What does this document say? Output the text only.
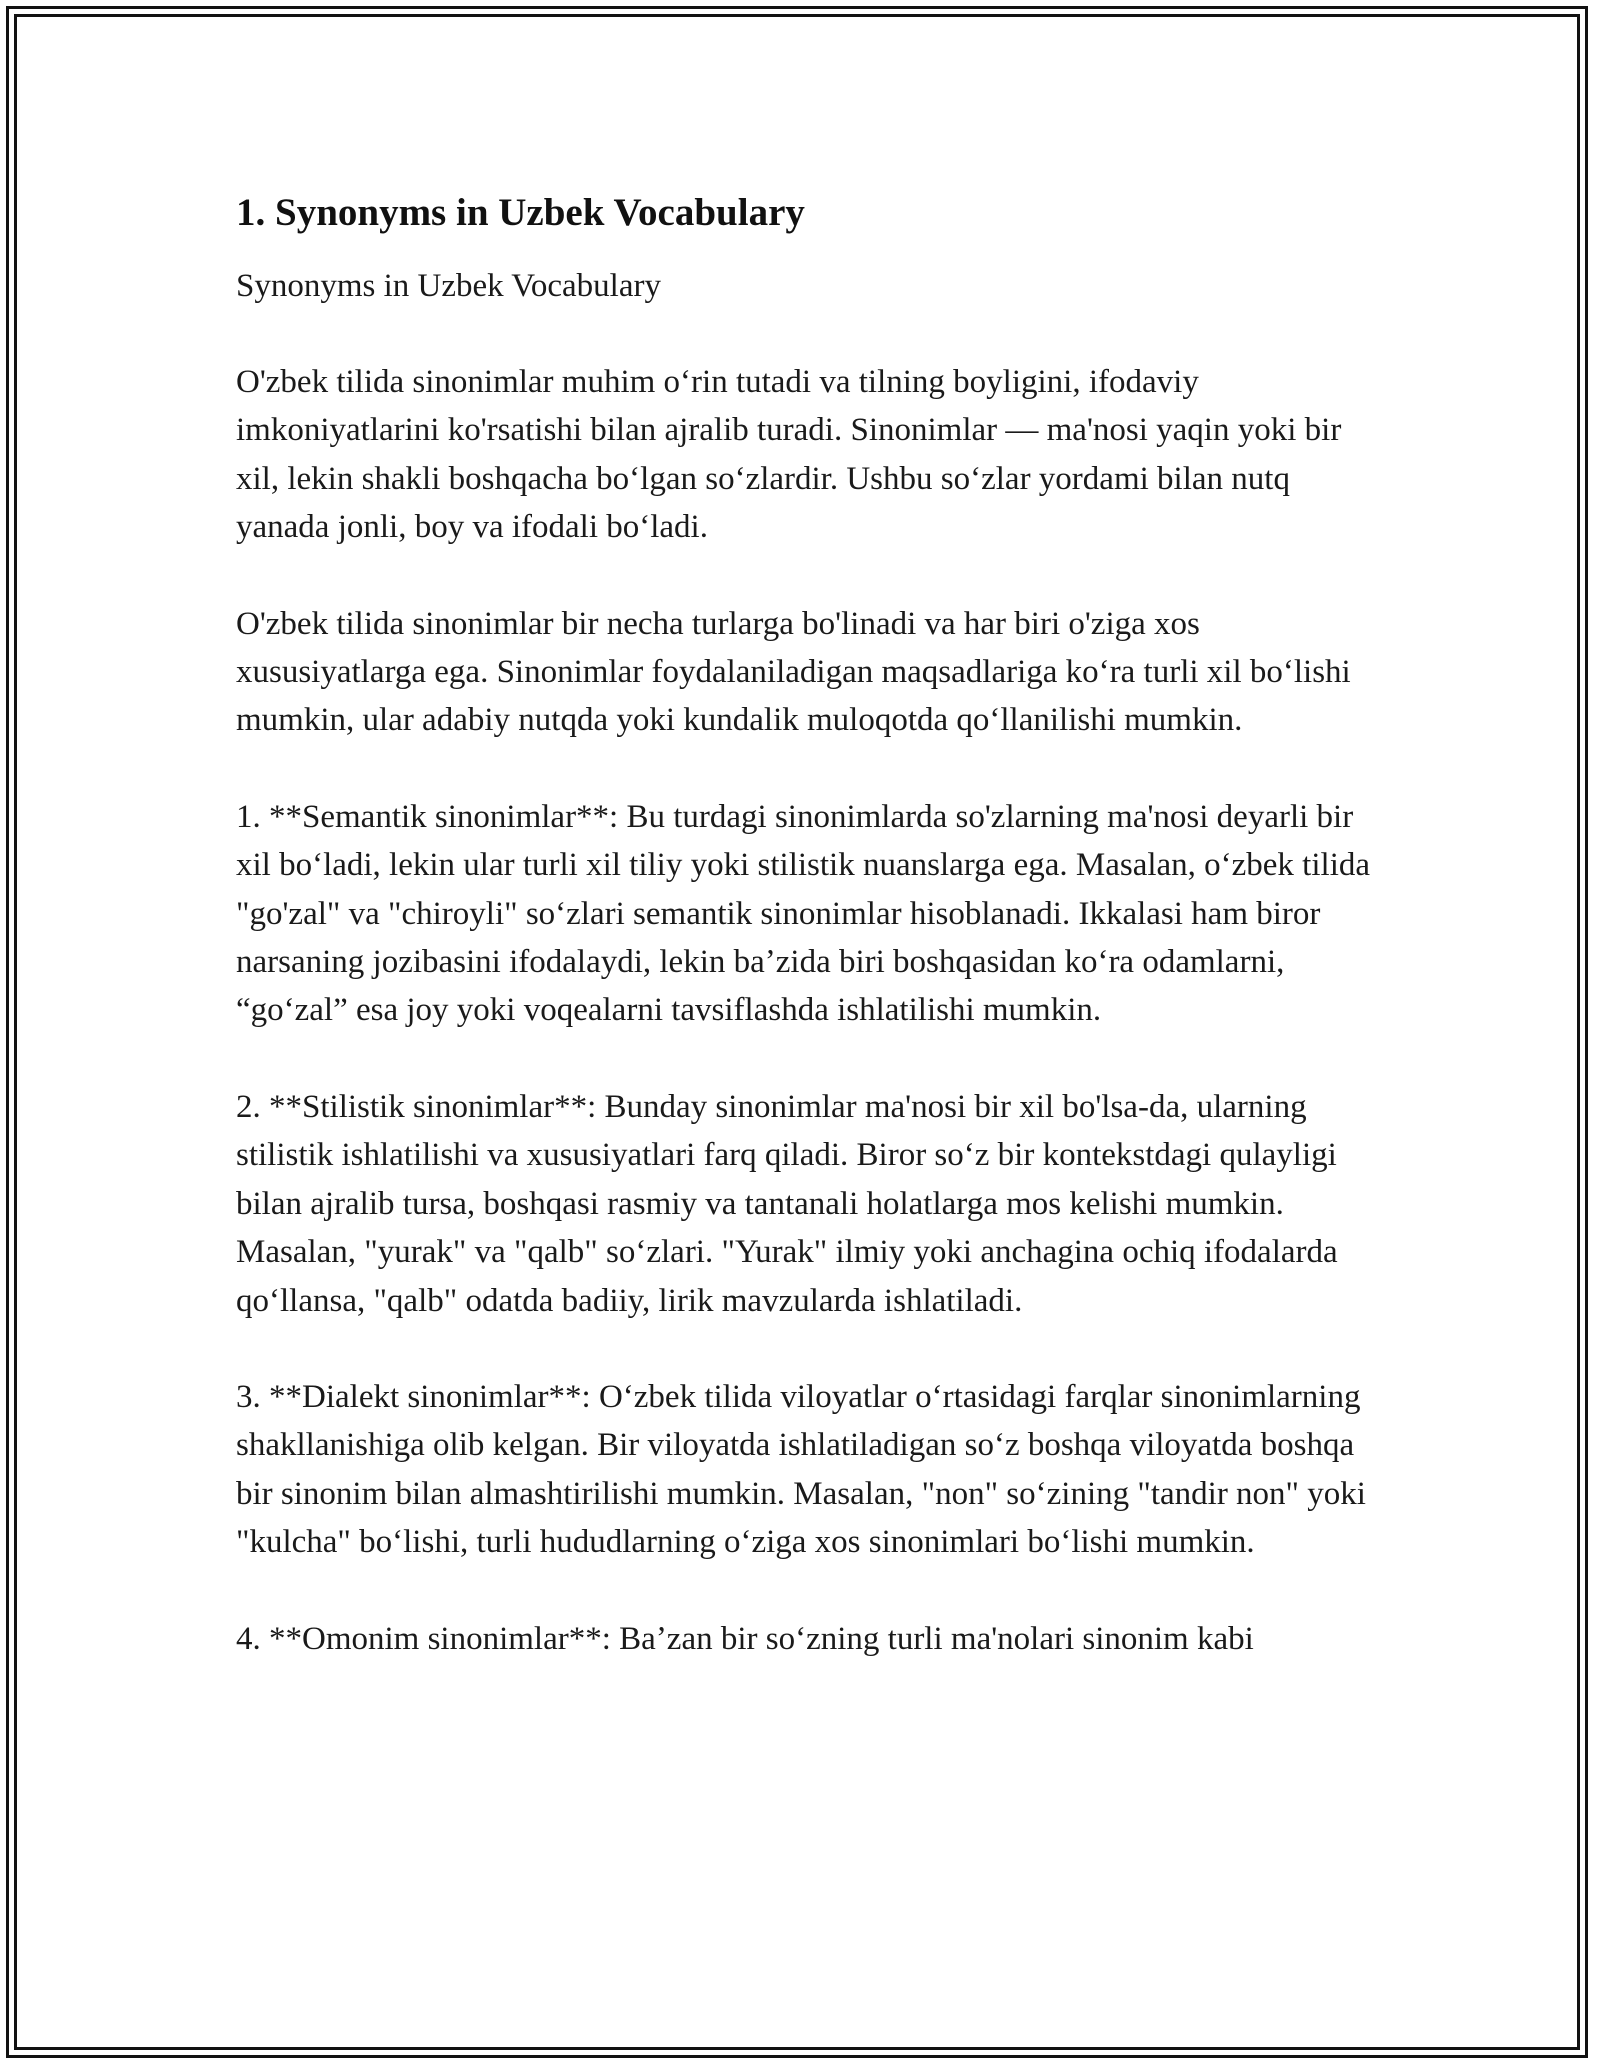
1. Synonyms in Uzbek Vocabulary

Synonyms in Uzbek Vocabulary

O'zbek tilida sinonimlar muhim oʻrin tutadi va tilning boyligini, ifodaviy imkoniyatlarini ko'rsatishi bilan ajralib turadi. Sinonimlar — ma'nosi yaqin yoki bir xil, lekin shakli boshqacha boʻlgan soʻzlardir. Ushbu soʻzlar yordami bilan nutq yanada jonli, boy va ifodali boʻladi.

O'zbek tilida sinonimlar bir necha turlarga bo'linadi va har biri o'ziga xos xususiyatlarga ega. Sinonimlar foydalaniladigan maqsadlariga koʻra turli xil boʻlishi mumkin, ular adabiy nutqda yoki kundalik muloqotda qoʻllanilishi mumkin.

1. **Semantik sinonimlar**: Bu turdagi sinonimlarda so'zlarning ma'nosi deyarli bir xil boʻladi, lekin ular turli xil tiliy yoki stilistik nuanslarga ega. Masalan, oʻzbek tilida "go'zal" va "chiroyli" soʻzlari semantik sinonimlar hisoblanadi. Ikkalasi ham biror narsaning jozibasini ifodalaydi, lekin baʼzida biri boshqasidan koʻra odamlarni, “goʻzal” esa joy yoki voqealarni tavsiflashda ishlatilishi mumkin.

2. **Stilistik sinonimlar**: Bunday sinonimlar ma'nosi bir xil bo'lsa-da, ularning stilistik ishlatilishi va xususiyatlari farq qiladi. Biror soʻz bir kontekstdagi qulayligi bilan ajralib tursa, boshqasi rasmiy va tantanali holatlarga mos kelishi mumkin. Masalan, "yurak" va "qalb" soʻzlari. "Yurak" ilmiy yoki anchagina ochiq ifodalarda qoʻllansa, "qalb" odatda badiiy, lirik mavzularda ishlatiladi.

3. **Dialekt sinonimlar**: Oʻzbek tilida viloyatlar oʻrtasidagi farqlar sinonimlarning shakllanishiga olib kelgan. Bir viloyatda ishlatiladigan soʻz boshqa viloyatda boshqa bir sinonim bilan almashtirilishi mumkin. Masalan, "non" soʻzining "tandir non" yoki "kulcha" boʻlishi, turli hududlarning oʻziga xos sinonimlari boʻlishi mumkin.

4. **Omonim sinonimlar**: Baʼzan bir soʻzning turli ma'nolari sinonim kabi
